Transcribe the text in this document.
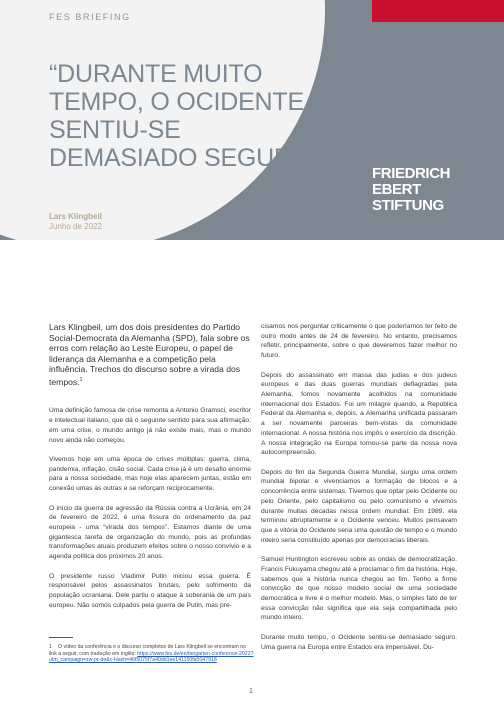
FES BRIEFING
“DURANTE MUITO TEMPO, O OCIDENTE SENTIU-SE DEMASIADO SEGURO”
Lars Klingbeil
Junho de 2022
FRIEDRICH
EBERT
STIFTUNG

Lars Klingbeil, um dos dois presidentes do Partido Social-Democrata da Alemanha (SPD), fala sobre os erros com relação ao Leste Europeu, o papel de liderança da Alemanha e a competição pela influência. Trechos do discurso sobre a virada dos tempos.$^1$

Uma definição famosa de crise remonta a Antonio Gramsci, escritor e intelectual italiano, que dá o seguinte sentido para sua afirmação: em uma crise, o mundo antigo já não existe mais, mas o mundo novo ainda não começou.

Vivemos hoje em uma época de crises múltiplas: guerra, clima, pandemia, inflação, cisão social. Cada crise já é um desafio enorme para a nossa sociedade, mas hoje elas aparecem juntas, estão em conexão umas às outras e se reforçam reciprocamente.

O início da guerra de agressão da Rússia contra a Ucrânia, em 24 de fevereiro de 2022, é uma fissura do ordenamento da paz europeia - uma “virada dos tempos”. Estamos diante de uma gigantesca tarefa de organização do mundo, pois as profundas transformações atuais produzem efeitos sobre o nosso convívio e a agenda política dos próximos 20 anos.

O presidente russo Vladimir Putin iniciou essa guerra. É responsável pelos assassinatos brutais, pelo sofrimento da população ucraniana. Dele partiu o ataque à soberania de um país europeu. Não somos culpados pela guerra de Putin, mas pre-

cisamos nos perguntar criticamente o que poderíamos ter feito de outro modo antes de 24 de fevereiro. No entanto, precisamos refletir, principalmente, sobre o que deveremos fazer melhor no futuro.

Depois do assassinato em massa das judias e dos judeus europeus e das duas guerras mundiais deflagradas pela Alemanha, fomos novamente acolhidos na comunidade internacional dos Estados. Foi um milagre quando, a República Federal da Alemanha e, depois, a Alemanha unificada passaram a ser novamente parceiras bem-vistas da comunidade internacional. A nossa história nos impôs o exercício da discrição. A nossa integração na Europa tornou-se parte da nossa nova autocompreensão.

Depois do fim da Segunda Guerra Mundial, surgiu uma ordem mundial bipolar e vivenciamos a formação de blocos e a concorrência entre sistemas. Tivemos que optar pelo Ocidente ou pelo Oriente, pelo capitalismo ou pelo comunismo e vivemos durante muitas décadas nessa ordem mundial. Em 1989, ela terminou abruptamente e o Ocidente venceu. Muitos pensavam que a vitória do Ocidente seria uma questão de tempo e o mundo inteiro seria constituído apenas por democracias liberais.

Samuel Huntington escreveu sobre as ondas de democratização. Francis Fukuyama chegou até a proclamar o fim da história. Hoje, sabemos que a história nunca chegou ao fim. Tenho a firme convicção de que nosso modelo social de uma sociedade democrática e livre é o melhor modelo. Mas, o simples fato de ter essa convicção não significa que ela seja compartilhada pelo mundo inteiro.

Durante muito tempo, o Ocidente sentiu-se demasiado seguro. Uma guerra na Europa entre Estados era impensável. Du-

1 O vídeo da conferência e o discurso completos de Lars Klingbeil se encontram no link a seguir, com tradução em inglês: https://www.fes.de/en/tiergarten-conference-2022?utm_campaign=zw-pr-de&c-Hash=46f5075f7a40dd1ee141150fa5047918
1
